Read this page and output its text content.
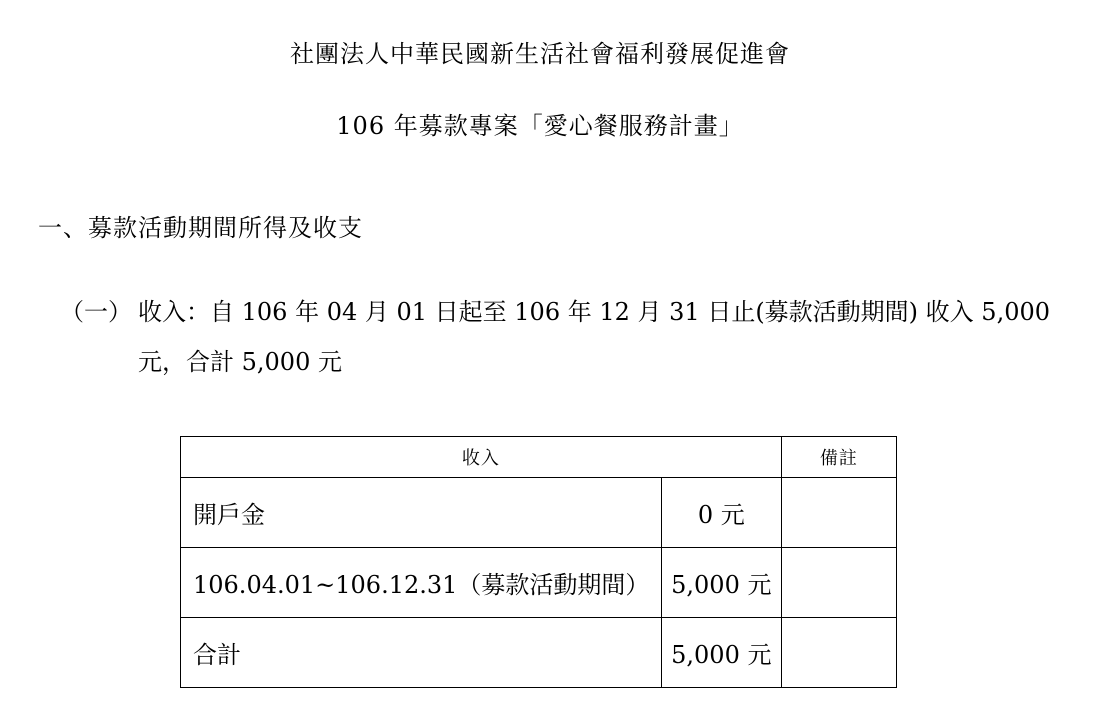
社團法人中華民國新生活社會福利發展促進會
106 年募款專案「愛心餐服務計畫」
一、募款活動期間所得及收支
（一） 收入：自 106 年 04 月 01 日起至 106 年 12 月 31 日止(募款活動期間) 收入 5,000
元，合計 5,000 元
收入		備註
開戶金	0 元	
106.04.01~106.12.31（募款活動期間）	5,000 元	
合計	5,000 元	
